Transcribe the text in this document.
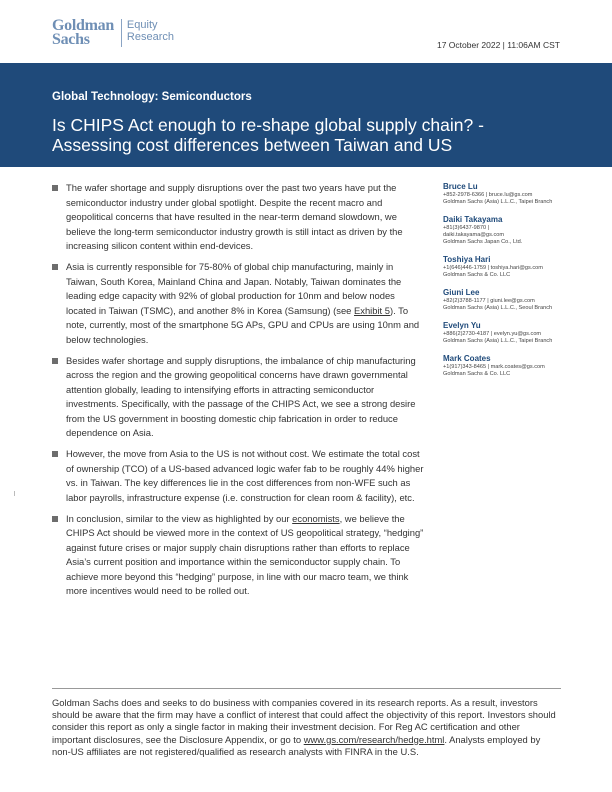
Goldman
Sachs
Equity
Research
17 October 2022 | 11:06AM CST
Global Technology: Semiconductors
Is CHIPS Act enough to re-shape global supply chain? -
Assessing cost differences between Taiwan and US
The wafer shortage and supply disruptions over the past two years have put the semiconductor industry under global spotlight. Despite the recent macro and geopolitical concerns that have resulted in the near-term demand slowdown, we believe the long-term semiconductor industry growth is still intact as driven by the increasing silicon content within end-devices.
Asia is currently responsible for 75-80% of global chip manufacturing, mainly in Taiwan, South Korea, Mainland China and Japan. Notably, Taiwan dominates the leading edge capacity with 92% of global production for 10nm and below nodes located in Taiwan (TSMC), and another 8% in Korea (Samsung) (see Exhibit 5). To note, currently, most of the smartphone 5G APs, GPU and CPUs are using 10nm and below technologies.
Besides wafer shortage and supply disruptions, the imbalance of chip manufacturing across the region and the growing geopolitical concerns have drawn governmental attention globally, leading to intensifying efforts in attracting semiconductor investments. Specifically, with the passage of the CHIPS Act, we see a strong desire from the US government in boosting domestic chip fabrication in order to reduce dependence on Asia.
However, the move from Asia to the US is not without cost. We estimate the total cost of ownership (TCO) of a US-based advanced logic wafer fab to be roughly 44% higher vs. in Taiwan. The key differences lie in the cost differences from non-WFE such as labor payrolls, infrastructure expense (i.e. construction for clean room & facility), etc.
In conclusion, similar to the view as highlighted by our economists, we believe the CHIPS Act should be viewed more in the context of US geopolitical strategy, “hedging” against future crises or major supply chain disruptions rather than efforts to replace Asia’s current position and importance within the semiconductor supply chain. To achieve more beyond this “hedging” purpose, in line with our macro team, we think more incentives would need to be rolled out.
Bruce Lu
+852-2978-6366 | bruce.lu@gs.com
Goldman Sachs (Asia) L.L.C., Taipei Branch
Daiki Takayama
+81(3)6437-9870 |
daiki.takayama@gs.com
Goldman Sachs Japan Co., Ltd.
Toshiya Hari
+1(646)446-1759 | toshiya.hari@gs.com
Goldman Sachs & Co. LLC
Giuni Lee
+82(2)3788-1177 | giuni.lee@gs.com
Goldman Sachs (Asia) L.L.C., Seoul Branch
Evelyn Yu
+886(2)2730-4187 | evelyn.yu@gs.com
Goldman Sachs (Asia) L.L.C., Taipei Branch
Mark Coates
+1(917)343-8465 | mark.coates@gs.com
Goldman Sachs & Co. LLC
Goldman Sachs does and seeks to do business with companies covered in its research reports. As a result, investors should be aware that the firm may have a conflict of interest that could affect the objectivity of this report. Investors should consider this report as only a single factor in making their investment decision. For Reg AC certification and other important disclosures, see the Disclosure Appendix, or go to www.gs.com/research/hedge.html. Analysts employed by non-US affiliates are not registered/qualified as research analysts with FINRA in the U.S.
